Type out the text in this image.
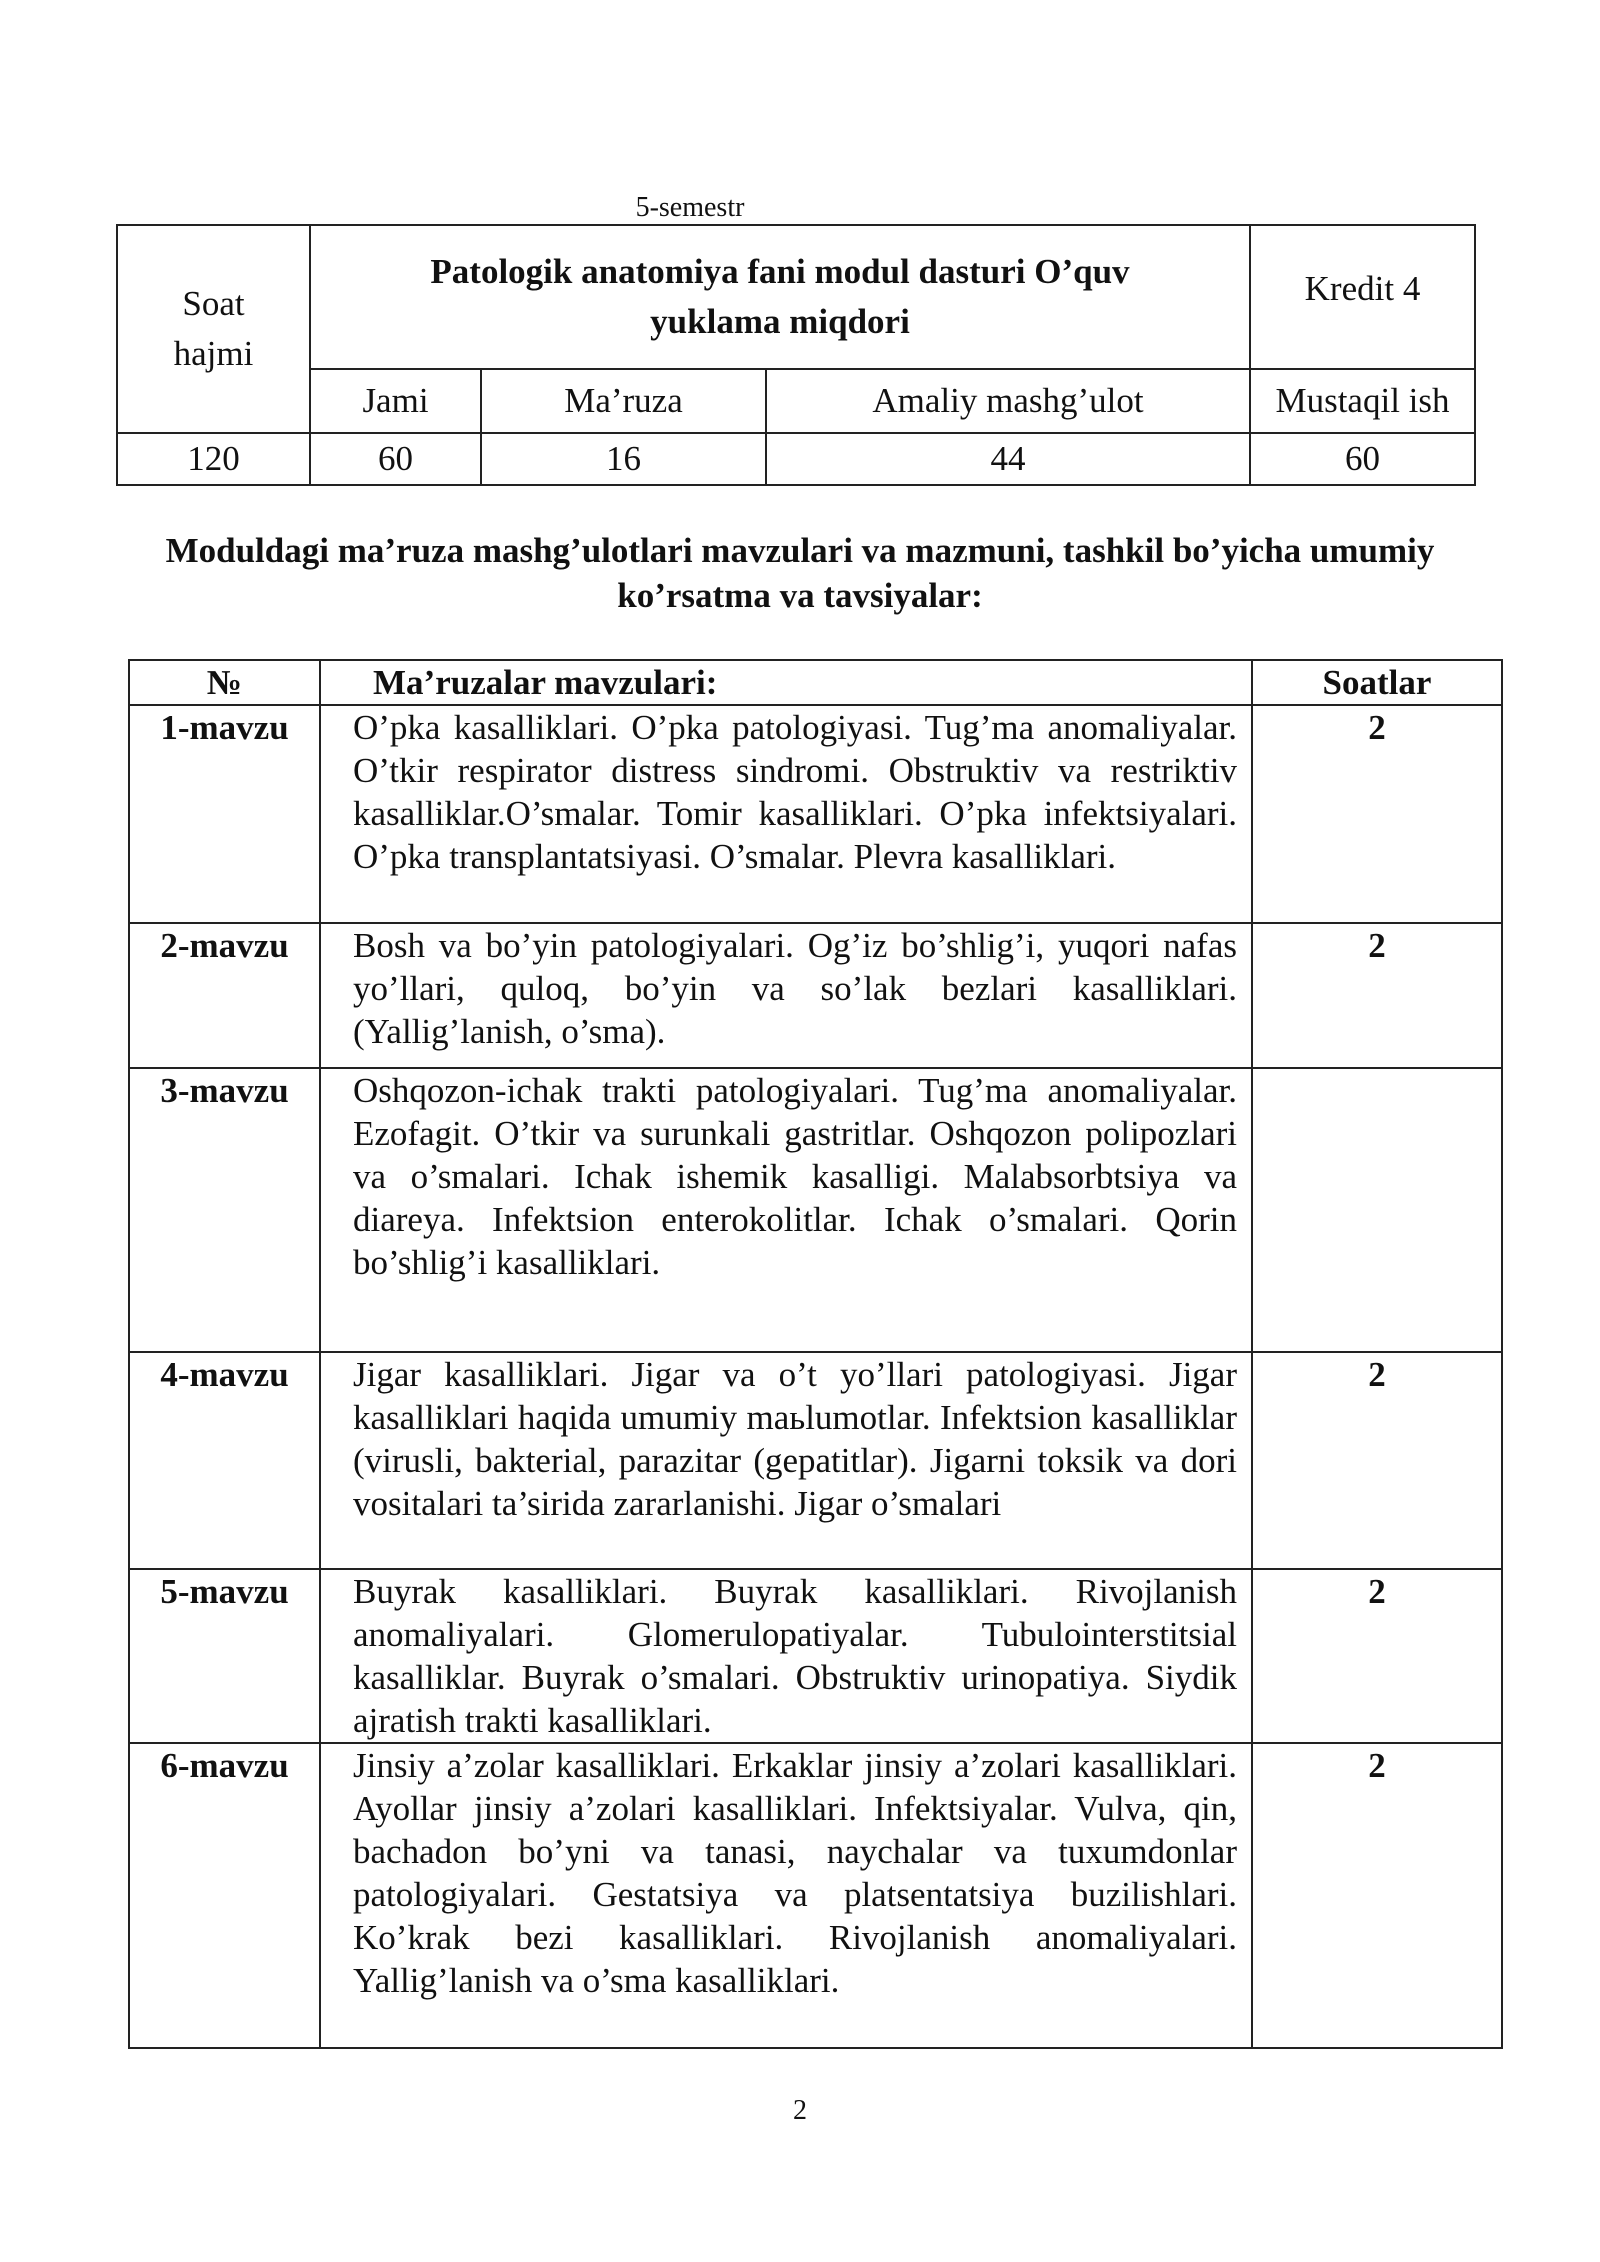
5-semestr
Soat hajmi	Patologik anatomiya fani modul dasturi O’quv yuklama miqdori			Kredit 4
	Jami	Ma’ruza	Amaliy mashg’ulot	Mustaqil ish
120	60	16	44	60
Moduldagi ma’ruza mashg’ulotlari mavzulari va mazmuni, tashkil bo’yicha umumiy ko’rsatma va tavsiyalar:
№	Ma’ruzalar mavzulari:	Soatlar
1-mavzu	O’pka kasalliklari. O’pka patologiyasi. Tug’ma anomaliyalar. O’tkir respirator distress sindromi. Obstruktiv va restriktiv kasalliklar.O’smalar. Tomir kasalliklari. O’pka infektsiyalari. O’pka transplantatsiyasi. O’smalar. Plevra kasalliklari.	2
2-mavzu	Bosh va bo’yin patologiyalari. Og’iz bo’shlig’i, yuqori nafas yo’llari, quloq, bo’yin va so’lak bezlari kasalliklari. (Yallig’lanish, o’sma).	2
3-mavzu	Oshqozon-ichak trakti patologiyalari. Tug’ma anomaliyalar. Ezofagit. O’tkir va surunkali gastritlar. Oshqozon polipozlari va o’smalari. Ichak ishemik kasalligi. Malabsorbtsiya va diareya. Infektsion enterokolitlar. Ichak o’smalari. Qorin bo’shlig’i kasalliklari.	
4-mavzu	Jigar kasalliklari. Jigar va o’t yo’llari patologiyasi. Jigar kasalliklari haqida umumiy maьlumotlar. Infektsion kasalliklar (virusli, bakterial, parazitar (gepatitlar). Jigarni toksik va dori vositalari ta’sirida zararlanishi. Jigar o’smalari	2
5-mavzu	Buyrak kasalliklari. Buyrak kasalliklari. Rivojlanish anomaliyalari. Glomerulopatiyalar. Tubulointerstitsial kasalliklar. Buyrak o’smalari. Obstruktiv urinopatiya. Siydik ajratish trakti kasalliklari.	2
6-mavzu	Jinsiy a’zolar kasalliklari. Erkaklar jinsiy a’zolari kasalliklari. Ayollar jinsiy a’zolari kasalliklari. Infektsiyalar. Vulva, qin, bachadon bo’yni va tanasi, naychalar va tuxumdonlar patologiyalari. Gestatsiya va platsentatsiya buzilishlari. Ko’krak bezi kasalliklari. Rivojlanish anomaliyalari. Yallig’lanish va o’sma kasalliklari.	2
2
